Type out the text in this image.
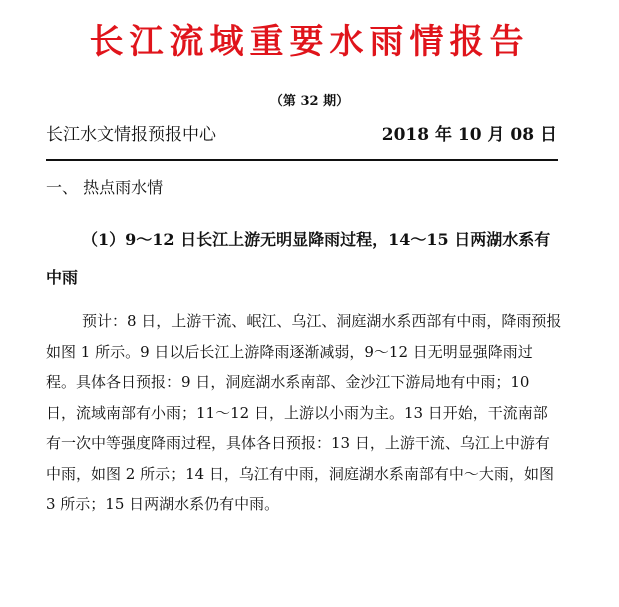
长江流域重要水雨情报告
（第 32 期）
长江水文情报预报中心	2018 年 10 月 08 日
一、 热点雨水情

（1）9～12 日长江上游无明显降雨过程，14～15 日两湖水系有中雨

预计：8 日，上游干流、岷江、乌江、洞庭湖水系西部有中雨，降雨预报如图 1 所示。9 日以后长江上游降雨逐渐减弱，9～12 日无明显强降雨过程。具体各日预报：9 日，洞庭湖水系南部、金沙江下游局地有中雨；10 日，流域南部有小雨；11～12 日，上游以小雨为主。13 日开始，干流南部有一次中等强度降雨过程，具体各日预报：13 日，上游干流、乌江上中游有中雨，如图 2 所示；14 日，乌江有中雨，洞庭湖水系南部有中～大雨，如图 3 所示；15 日两湖水系仍有中雨。
